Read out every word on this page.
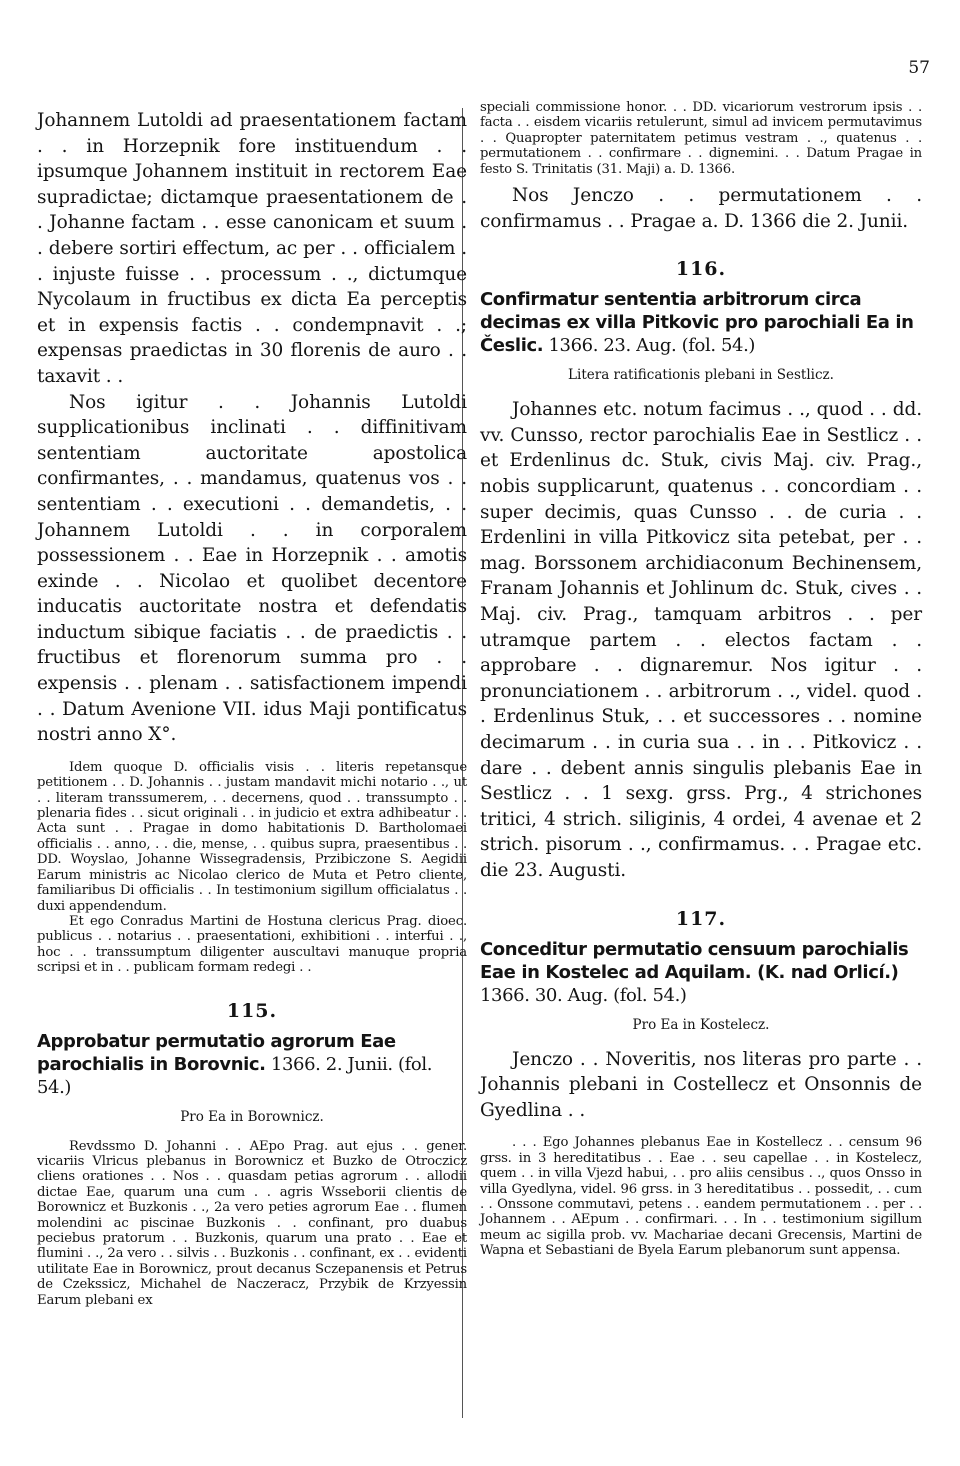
57

Johannem Lutoldi ad praesentationem factam . . in Horzepnik fore instituendum . . ipsumque Johannem instituit in rectorem Eae supradictae; dictamque praesentationem de . . Johanne factam . . esse canonicam et suum . . debere sortiri effectum, ac per . . officialem . . injuste fuisse . . processum . ., dictumque Nycolaum in fructibus ex dicta Ea perceptis et in expensis factis . . condempnavit . .; expensas praedictas in 30 florenis de auro . . taxavit . .

Nos igitur . . Johannis Lutoldi supplicationibus inclinati . . diffinitivam sententiam auctoritate apostolica confirmantes, . . mandamus, quatenus vos . . sententiam . . executioni . . demandetis, . . Johannem Lutoldi . . in corporalem possessionem . . Eae in Horzepnik . . amotis exinde . . Nicolao et quolibet decentore inducatis auctoritate nostra et defendatis inductum sibique faciatis . . de praedictis . . fructibus et florenorum summa pro . . expensis . . plenam . . satisfactionem impendi . . Datum Avenione VII. idus Maji pontificatus nostri anno X°.

Idem quoque D. officialis visis . . literis repetansque petitionem . . D. Johannis . . justam mandavit michi notario . ., ut . . literam transsumerem, . . decernens, quod . . transsumpto . . plenaria fides . . sicut originali . . in judicio et extra adhibeatur . . Acta sunt . . Pragae in domo habitationis D. Bartholomaei officialis . . anno, . . die, mense, . . quibus supra, praesentibus . . DD. Woyslao, Johanne Wissegradensis, Przibiczone S. Aegidii Earum ministris ac Nicolao clerico de Muta et Petro cliente, familiaribus Di officialis . . In testimonium sigillum officialatus . . duxi appendendum.

Et ego Conradus Martini de Hostuna clericus Prag. dioec. publicus . . notarius . . praesentationi, exhibitioni . . interfui . ., hoc . . transsumptum diligenter auscultavi manuque propria scripsi et in . . publicam formam redegi . .

115.
Approbatur permutatio agrorum Eae parochialis in Borovnic. 1366. 2. Junii. (fol. 54.)
Pro Ea in Borownicz.

Revdssmo D. Johanni . . AEpo Prag. aut ejus . . gener. vicariis Vlricus plebanus in Borownicz et Buzko de Otroczicz cliens orationes . . Nos . . quasdam petias agrorum . . allodii dictae Eae, quarum una cum . . agris Wsseborii clientis de Borownicz et Buzkonis . ., 2a vero peties agrorum Eae . . flumen molendini ac piscinae Buzkonis . . confinant, pro duabus peciebus pratorum . . Buzkonis, quarum una prato . . Eae et flumini . ., 2a vero . . silvis . . Buzkonis . . confinant, ex . . evidenti utilitate Eae in Borownicz, prout decanus Sczepanensis et Petrus de Czekssicz, Michahel de Naczeracz, Przybik de Krzyessin Earum plebani ex

speciali commissione honor. . . DD. vicariorum vestrorum ipsis . . facta . . eisdem vicariis retulerunt, simul ad invicem permutavimus . . Quapropter paternitatem petimus vestram . ., quatenus . . permutationem . . confirmare . . dignemini. . . Datum Pragae in festo S. Trinitatis (31. Maji) a. D. 1366.

Nos Jenczo . . permutationem . . confirmamus . . Pragae a. D. 1366 die 2. Junii.

116.
Confirmatur sententia arbitrorum circa decimas ex villa Pitkovic pro parochiali Ea in Česlic. 1366. 23. Aug. (fol. 54.)
Litera ratificationis plebani in Sestlicz.

Johannes etc. notum facimus . ., quod . . dd. vv. Cunsso, rector parochialis Eae in Sestlicz . . et Erdenlinus dc. Stuk, civis Maj. civ. Prag., nobis supplicarunt, quatenus . . concordiam . . super decimis, quas Cunsso . . de curia . . Erdenlini in villa Pitkovicz sita petebat, per . . mag. Borssonem archidiaconum Bechinensem, Franam Johannis et Johlinum dc. Stuk, cives . . Maj. civ. Prag., tamquam arbitros . . per utramque partem . . electos factam . . approbare . . dignaremur. Nos igitur . . pronunciationem . . arbitrorum . ., videl. quod . . Erdenlinus Stuk, . . et successores . . nomine decimarum . . in curia sua . . in . . Pitkovicz . . dare . . debent annis singulis plebanis Eae in Sestlicz . . 1 sexg. grss. Prg., 4 strichones tritici, 4 strich. siliginis, 4 ordei, 4 avenae et 2 strich. pisorum . ., confirmamus. . . Pragae etc. die 23. Augusti.

117.
Conceditur permutatio censuum parochialis Eae in Kostelec ad Aquilam. (K. nad Orlicí.) 1366. 30. Aug. (fol. 54.)
Pro Ea in Kostelecz.

Jenczo . . Noveritis, nos literas pro parte . . Johannis plebani in Costellecz et Onsonnis de Gyedlina . .

. . . Ego Johannes plebanus Eae in Kostellecz . . censum 96 grss. in 3 hereditatibus . . Eae . . seu capellae . . in Kostelecz, quem . . in villa Vjezd habui, . . pro aliis censibus . ., quos Onsso in villa Gyedlyna, videl. 96 grss. in 3 hereditatibus . . possedit, . . cum . . Onssone commutavi, petens . . eandem permutationem . . per . . Johannem . . AEpum . . confirmari. . . In . . testimonium sigillum meum ac sigilla prob. vv. Machariae decani Grecensis, Martini de Wapna et Sebastiani de Byela Earum plebanorum sunt appensa.
